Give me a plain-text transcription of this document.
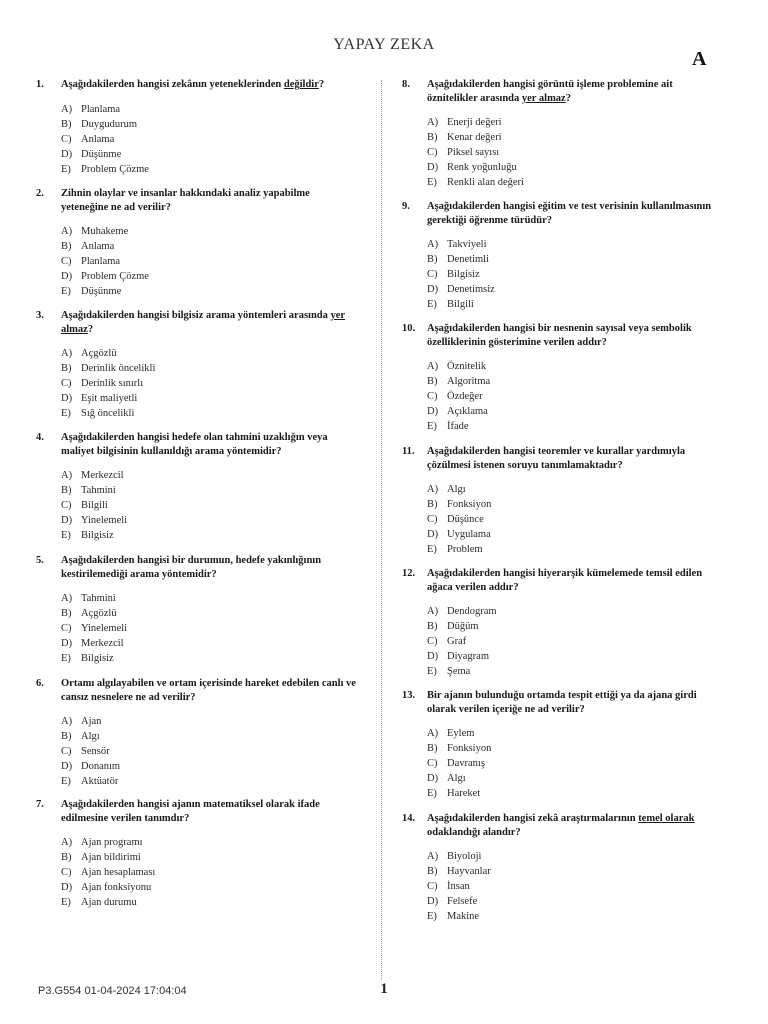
YAPAY ZEKA
A
1. Aşağıdakilerden hangisi zekânın yeteneklerinden değildir?
A) Planlama
B) Duygudurum
C) Anlama
D) Düşünme
E) Problem Çözme
2. Zihnin olaylar ve insanlar hakkındaki analiz yapabilme yeteneğine ne ad verilir?
A) Muhakeme
B) Anlama
C) Planlama
D) Problem Çözme
E) Düşünme
3. Aşağıdakilerden hangisi bilgisiz arama yöntemleri arasında yer almaz?
A) Açgözlü
B) Derinlik öncelikli
C) Derinlik sınırlı
D) Eşit maliyetli
E) Sığ öncelikli
4. Aşağıdakilerden hangisi hedefe olan tahmini uzaklığın veya maliyet bilgisinin kullanıldığı arama yöntemidir?
A) Merkezcil
B) Tahmini
C) Bilgili
D) Yinelemeli
E) Bilgisiz
5. Aşağıdakilerden hangisi bir durumun, hedefe yakınlığının kestirilemediği arama yöntemidir?
A) Tahmini
B) Açgözlü
C) Yinelemeli
D) Merkezcil
E) Bilgisiz
6. Ortamı algılayabilen ve ortam içerisinde hareket edebilen canlı ve cansız nesnelere ne ad verilir?
A) Ajan
B) Algı
C) Sensör
D) Donanım
E) Aktüatör
7. Aşağıdakilerden hangisi ajanın matematiksel olarak ifade edilmesine verilen tanımdır?
A) Ajan programı
B) Ajan bildirimi
C) Ajan hesaplaması
D) Ajan fonksiyonu
E) Ajan durumu
8. Aşağıdakilerden hangisi görüntü işleme problemine ait öznitelikler arasında yer almaz?
A) Enerji değeri
B) Kenar değeri
C) Piksel sayısı
D) Renk yoğunluğu
E) Renkli alan değeri
9. Aşağıdakilerden hangisi eğitim ve test verisinin kullanılmasının gerektiği öğrenme türüdür?
A) Takviyeli
B) Denetimli
C) Bilgisiz
D) Denetimsiz
E) Bilgili
10. Aşağıdakilerden hangisi bir nesnenin sayısal veya sembolik özelliklerinin gösterimine verilen addır?
A) Öznitelik
B) Algoritma
C) Özdeğer
D) Açıklama
E) İfade
11. Aşağıdakilerden hangisi teoremler ve kurallar yardımıyla çözülmesi istenen soruyu tanımlamaktadır?
A) Algı
B) Fonksiyon
C) Düşünce
D) Uygulama
E) Problem
12. Aşağıdakilerden hangisi hiyerarşik kümelemede temsil edilen ağaca verilen addır?
A) Dendogram
B) Düğüm
C) Graf
D) Diyagram
E) Şema
13. Bir ajanın bulunduğu ortamda tespit ettiği ya da ajana girdi olarak verilen içeriğe ne ad verilir?
A) Eylem
B) Fonksiyon
C) Davranış
D) Algı
E) Hareket
14. Aşağıdakilerden hangisi zekâ araştırmalarının temel olarak odaklandığı alandır?
A) Biyoloji
B) Hayvanlar
C) İnsan
D) Felsefe
E) Makine
P3.G554 01-04-2024 17:04:04	1
